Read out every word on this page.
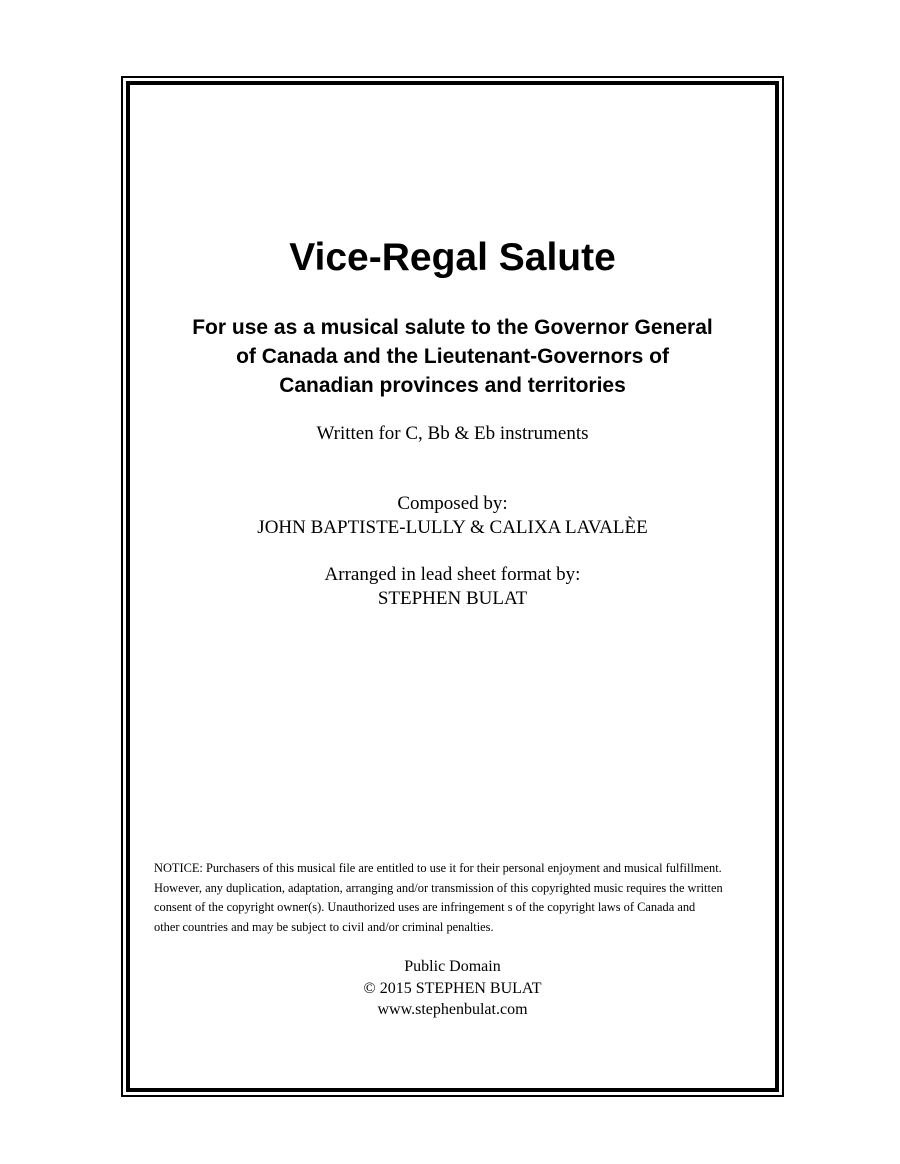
Vice-Regal Salute
For use as a musical salute to the Governor General
of Canada and the Lieutenant-Governors of
Canadian provinces and territories
Written for C, Bb & Eb instruments
Composed by:
JOHN BAPTISTE-LULLY & CALIXA LAVALÈE
Arranged in lead sheet format by:
STEPHEN BULAT
NOTICE: Purchasers of this musical file are entitled to use it for their personal enjoyment and musical fulfillment.
However, any duplication, adaptation, arranging and/or transmission of this copyrighted music requires the written
consent of the copyright owner(s). Unauthorized uses are infringement s of the copyright laws of Canada and
other countries and may be subject to civil and/or criminal penalties.
Public Domain
© 2015 STEPHEN BULAT
www.stephenbulat.com
